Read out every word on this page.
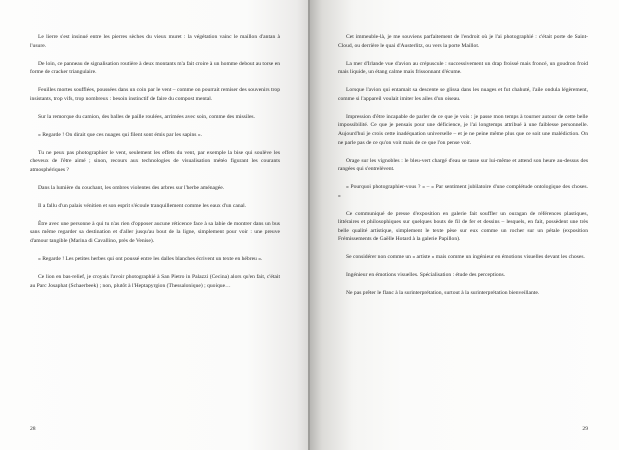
Le lierre s'est insinué entre les pierres sèches du vieux muret : la végétation vainc le maillon d'antan à l'usure.

De loin, ce panneau de signalisation routière à deux montants m'a fait croire à un homme debout au torse en forme de cracker triangulaire.

Feuilles mortes soufflées, poussées dans un coin par le vent – comme on pourrait remiser des souvenirs trop insistants, trop vifs, trop nombreux : besoin instinctif de faire du compost mental.

Sur la remorque du camion, des balles de paille roulées, arrimées avec soin, comme des missiles.

« Regarde ! On dirait que ces nuages qui filent sont émis par les sapins ».

Tu ne peux pas photographier le vent, seulement les effets du vent, par exemple la bise qui soulève les cheveux de l'être aimé ; sinon, recours aux technologies de visualisation météo figurant les courants atmosphériques ?

Dans la lumière du couchant, les ombres violentes des arbres sur l'herbe aménagée.

Il a fallu d'un palais vénitien et son esprit s'écoule tranquillement comme les eaux d'un canal.

Être avec une personne à qui tu n'as rien d'opposer aucune réticence face à sa labie de montrer dans un bus sans même regarder sa destination et d'aller jusqu'au bout de la ligne, simplement pour voir : une preuve d'amour tangible (Marina di Cavallino, près de Venise).

« Regarde ! Les petites herbes qui ont poussé entre les dalles blanches écrivent un texte en hébreu ».

Ce lion en bas-relief, je croyais l'avoir photographié à San Pietro in Palazzi (Cecina) alors qu'en fait, c'était au Parc Josaphat (Schaerbeek) ; non, plutôt à l'Heptapyrgion (Thessalonique) ; quoique…

28

Cet immeuble-là, je me souviens parfaitement de l'endroit où je l'ai photographié : c'était porte de Saint-Cloud, ou derrière le quai d'Austerlitz, ou vers la porte Maillot.

La mer d'Irlande vue d'avion au crépuscule : successivement un drap froissé mais froncé, un goudron froid mais liquide, un étang calme mais frissonnant d'écume.

Lorsque l'avion qui entamait sa descente se glissa dans les nuages et fut chahuté, l'aile ondula légèrement, comme si l'appareil voulait imiter les ailes d'un oiseau.

Impression d'être incapable de parler de ce que je vois : je passe mon temps à tourner autour de cette belle impossibilité. Ce que je pensais pour une déficience, je l'ai longtemps attribué à une faiblesse personnelle. Aujourd'hui je crois cette inadéquation universelle – et je ne peine même plus que ce soit une malédiction. On ne parle pas de ce qu'on voit mais de ce que l'on pense voir.

Orage sur les vignobles : le bleu-vert chargé d'eau se tasse sur lui-même et attend son heure au-dessus des rangées qui s'entrelèvent.

« Pourquoi photographier-vous ? » – « Par sentiment jubilatoire d'une complétude ontologique des choses. »

Ce communiqué de presse d'exposition en galerie fait souffler un ouragan de références plastiques, littéraires et philosophiques sur quelques bouts de fil de fer et dessins – lesquels, en fait, possèdent une très belle qualité artistique, simplement le texte pèse sur eux comme un rocher sur un pétale (exposition Frémissements de Gaëlle Hotard à la galerie Papillon).

Se considérer non comme un « artiste » mais comme un ingénieur en émotions visuelles devant les choses.

Ingénieur en émotions visuelles. Spécialisation : étude des perceptions.

Ne pas prêter le flanc à la surinterprétation, surtout à la surinterprétation bienveillante.

29
